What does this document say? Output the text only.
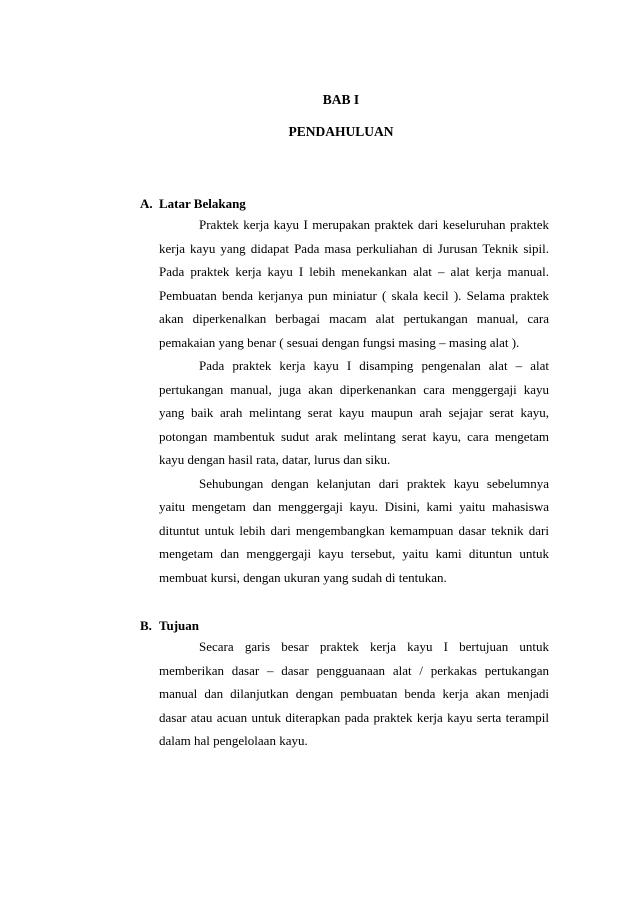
BAB I
PENDAHULUAN
A. Latar Belakang

Praktek kerja kayu I merupakan praktek dari keseluruhan praktek kerja kayu yang didapat Pada masa perkuliahan di Jurusan Teknik sipil. Pada praktek kerja kayu I lebih menekankan alat – alat kerja manual. Pembuatan benda kerjanya pun miniatur ( skala kecil ). Selama praktek akan diperkenalkan berbagai macam alat pertukangan manual, cara pemakaian yang benar ( sesuai dengan fungsi masing – masing alat ).

Pada praktek kerja kayu I disamping pengenalan alat – alat pertukangan manual, juga akan diperkenankan cara menggergaji kayu yang baik arah melintang serat kayu maupun arah sejajar serat kayu, potongan mambentuk sudut arak melintang serat kayu, cara mengetam kayu dengan hasil rata, datar, lurus dan siku.

Sehubungan dengan kelanjutan dari praktek kayu sebelumnya yaitu mengetam dan menggergaji kayu. Disini, kami yaitu mahasiswa dituntut untuk lebih dari mengembangkan kemampuan dasar teknik dari mengetam dan menggergaji kayu tersebut, yaitu kami dituntun untuk membuat kursi, dengan ukuran yang sudah di tentukan.

B. Tujuan

Secara garis besar praktek kerja kayu I bertujuan untuk memberikan dasar – dasar pengguanaan alat / perkakas pertukangan manual dan dilanjutkan dengan pembuatan benda kerja akan menjadi dasar atau acuan untuk diterapkan pada praktek kerja kayu serta terampil dalam hal pengelolaan kayu.
